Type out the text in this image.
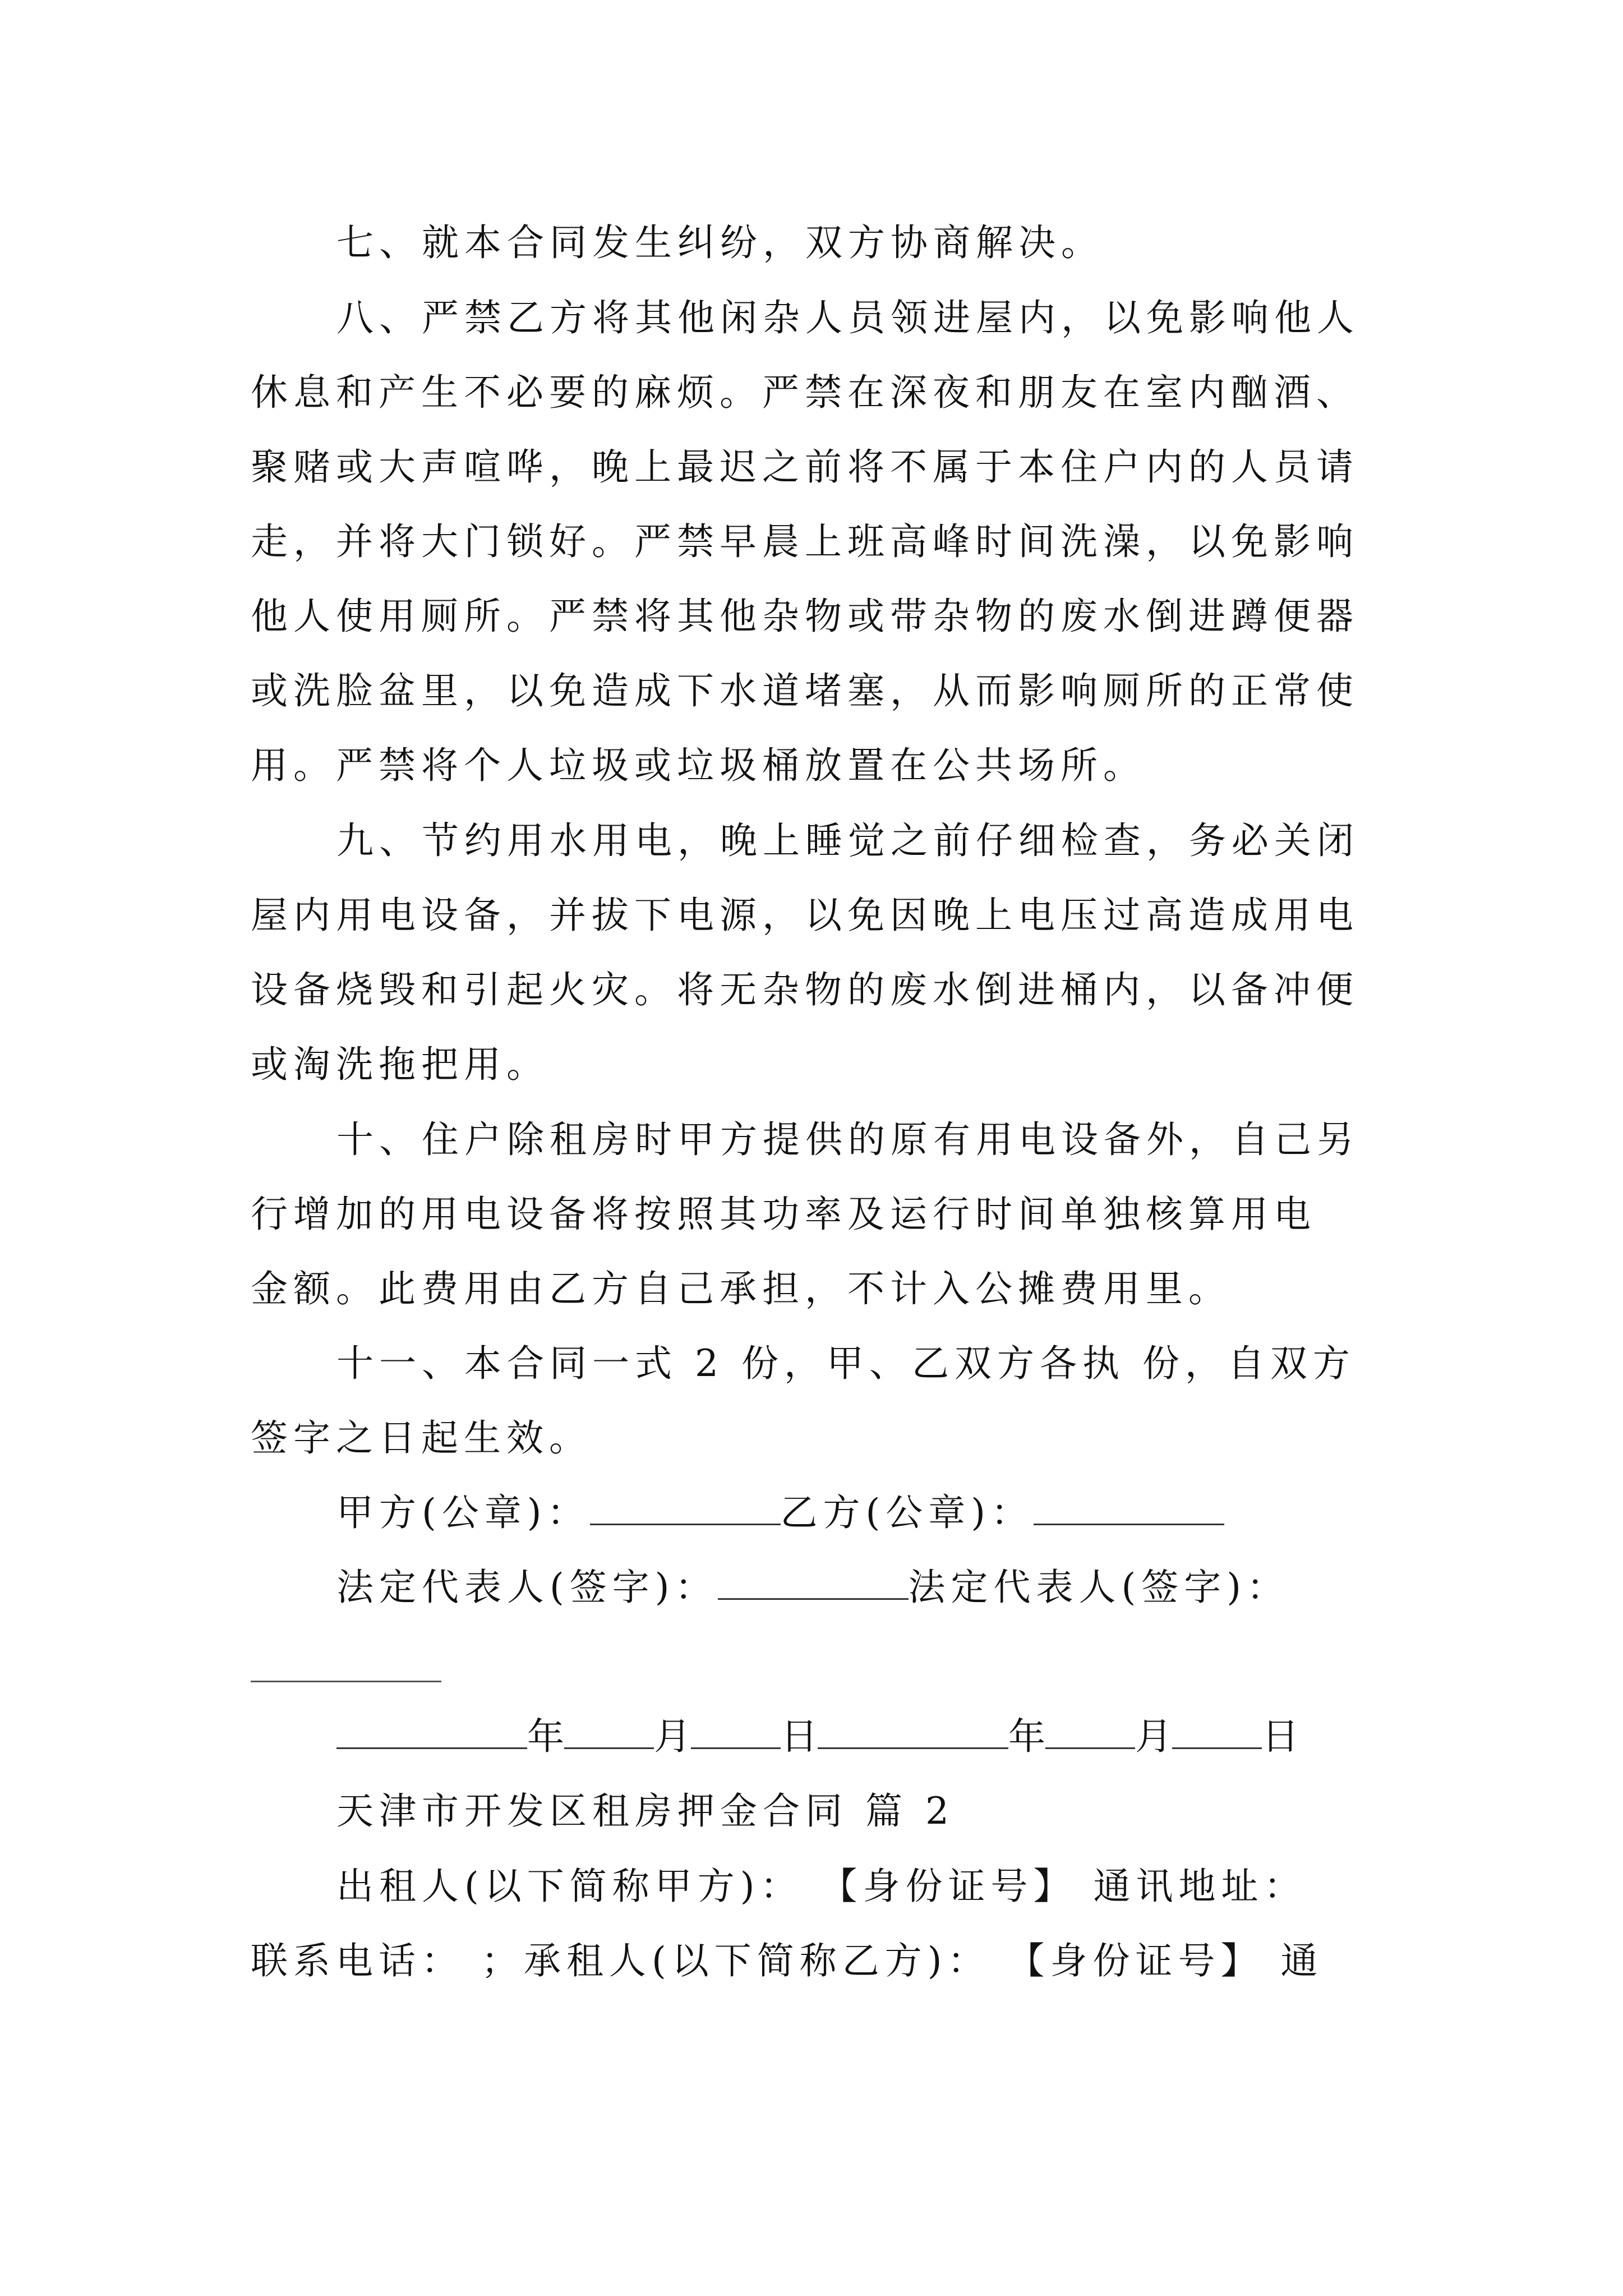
七、就本合同发生纠纷，双方协商解决。
八、严禁乙方将其他闲杂人员领进屋内，以免影响他人
休息和产生不必要的麻烦。严禁在深夜和朋友在室内酗酒、
聚赌或大声喧哗，晚上最迟之前将不属于本住户内的人员请
走，并将大门锁好。严禁早晨上班高峰时间洗澡，以免影响
他人使用厕所。严禁将其他杂物或带杂物的废水倒进蹲便器
或洗脸盆里，以免造成下水道堵塞，从而影响厕所的正常使
用。严禁将个人垃圾或垃圾桶放置在公共场所。
九、节约用水用电，晚上睡觉之前仔细检查，务必关闭
屋内用电设备，并拔下电源，以免因晚上电压过高造成用电
设备烧毁和引起火灾。将无杂物的废水倒进桶内，以备冲便
或淘洗拖把用。
十、住户除租房时甲方提供的原有用电设备外，自己另
行增加的用电设备将按照其功率及运行时间单独核算用电
金额。此费用由乙方自己承担，不计入公摊费用里。
十一、本合同一式 2 份，甲、乙双方各执 份，自双方
签字之日起生效。
甲方(公章)：	乙方(公章)：
法定代表人(签字)：	法定代表人(签字)：
年 月 日	年 月 日
天津市开发区租房押金合同 篇 2
出租人(以下简称甲方)： 【身份证号】 通讯地址：
联系电话： ；承租人(以下简称乙方)： 【身份证号】 通
